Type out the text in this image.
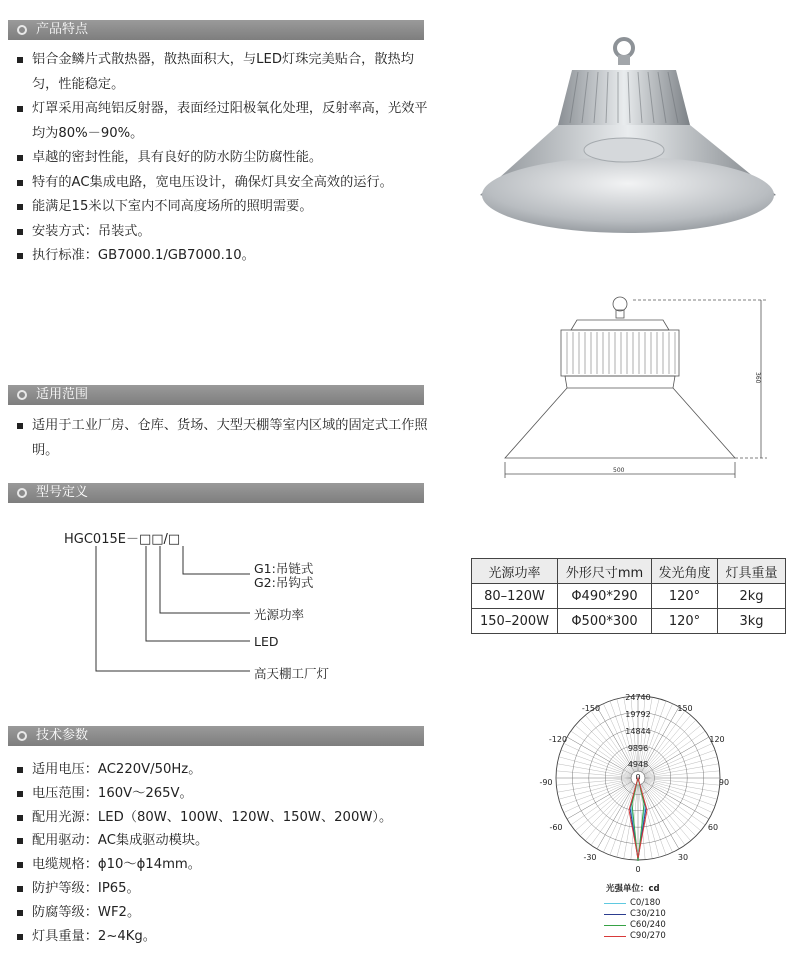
产品特点
铝合金鳞片式散热器，散热面积大，与LED灯珠完美贴合，散热均匀，性能稳定。
灯罩采用高纯铝反射器，表面经过阳极氧化处理，反射率高，光效平均为80%－90%。
卓越的密封性能，具有良好的防水防尘防腐性能。
特有的AC集成电路，宽电压设计，确保灯具安全高效的运行。
能满足15米以下室内不同高度场所的照明需要。
安装方式：吊装式。
执行标准：GB7000.1/GB7000.10。
360
500
适用范围
适用于工业厂房、仓库、货场、大型天棚等室内区域的固定式工作照明。
型号定义
HGC015E－□□/□
G1:吊链式
G2:吊钩式
光源功率
LED
高天棚工厂灯
光源功率	外形尺寸mm	发光角度	灯具重量
80–120W	Φ490*290	120°	2kg
150–200W	Φ500*300	120°	3kg
技术参数
适用电压：AC220V/50Hz。
电压范围：160V～265V。
配用光源：LED（80W、100W、120W、150W、200W）。
配用驱动：AC集成驱动模块。
电缆规格：ϕ10～ϕ14mm。
防护等级：IP65。
防腐等级：WF2。
灯具重量：2~4Kg。
24740
19792
14844
9896
4948
0
0
-150	150
-120	120
-90	90
-60	60
-30	30
光强单位：cd
C0/180
C30/210
C60/240
C90/270
